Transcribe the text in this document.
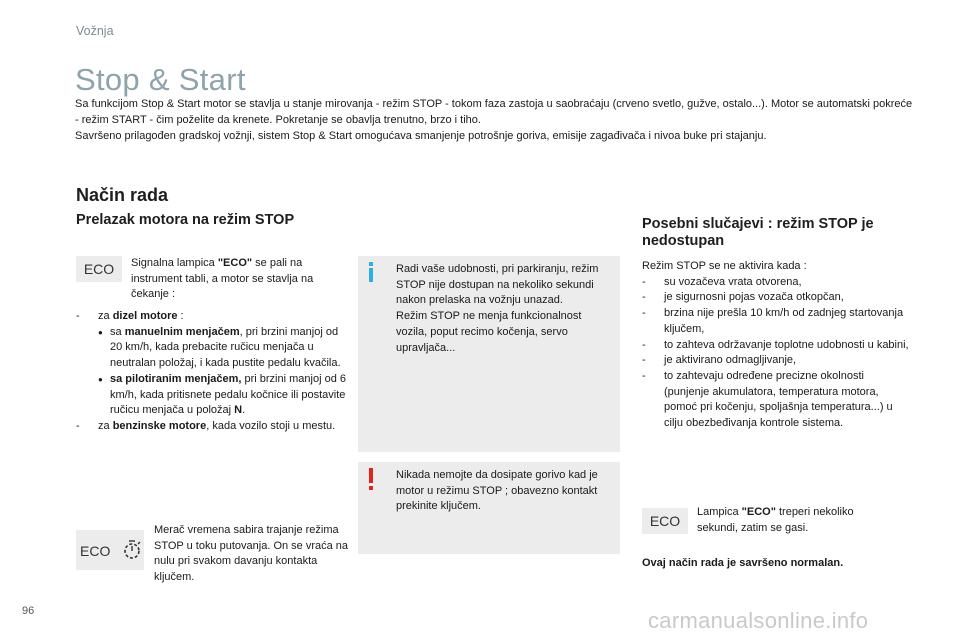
Vožnja
Stop & Start

Sa funkcijom Stop & Start motor se stavlja u stanje mirovanja - režim STOP - tokom faza zastoja u saobraćaju (crveno svetlo, gužve, ostalo...). Motor se automatski pokreće - režim START - čim poželite da krenete. Pokretanje se obavlja trenutno, brzo i tiho.

Savršeno prilagođen gradskoj vožnji, sistem Stop & Start omogućava smanjenje potrošnje goriva, emisije zagađivača i nivoa buke pri stajanju.

Način rada
Prelazak motora na režim STOP	Posebni slučajevi : režim STOP je nedostupan
ECO Signalna lampica "ECO" se pali na instrument tabli, a motor se stavlja na čekanje :
- za dizel motore :
● sa manuelnim menjačem, pri brzini manjoj od 20 km/h, kada prebacite ručicu menjača u neutralan položaj, i kada pustite pedalu kvačila.
● sa pilotiranim menjačem, pri brzini manjoj od 6 km/h, kada pritisnete pedalu kočnice ili postavite ručicu menjača u položaj N.
- za benzinske motore, kada vozilo stoji u mestu.
ECO
Merač vremena sabira trajanje režima STOP u toku putovanja. On se vraća na nulu pri svakom davanju kontakta ključem.
Radi vaše udobnosti, pri parkiranju, režim STOP nije dostupan na nekoliko sekundi nakon prelaska na vožnju unazad.
Režim STOP ne menja funkcionalnost vozila, poput recimo kočenja, servo upravljača...
Nikada nemojte da dosipate gorivo kad je motor u režimu STOP ; obavezno kontakt prekinite ključem.
Režim STOP se ne aktivira kada :
- su vozačeva vrata otvorena,
- je sigurnosni pojas vozača otkopčan,
- brzina nije prešla 10 km/h od zadnjeg startovanja ključem,
- to zahteva održavanje toplotne udobnosti u kabini,
- je aktivirano odmagljivanje,
- to zahtevaju određene precizne okolnosti (punjenje akumulatora, temperatura motora, pomoć pri kočenju, spoljašnja temperatura...) u cilju obezbeđivanja kontrole sistema.
ECO
Lampica "ECO" treperi nekoliko sekundi, zatim se gasi.
Ovaj način rada je savršeno normalan.
96	carmanualsonline.info
